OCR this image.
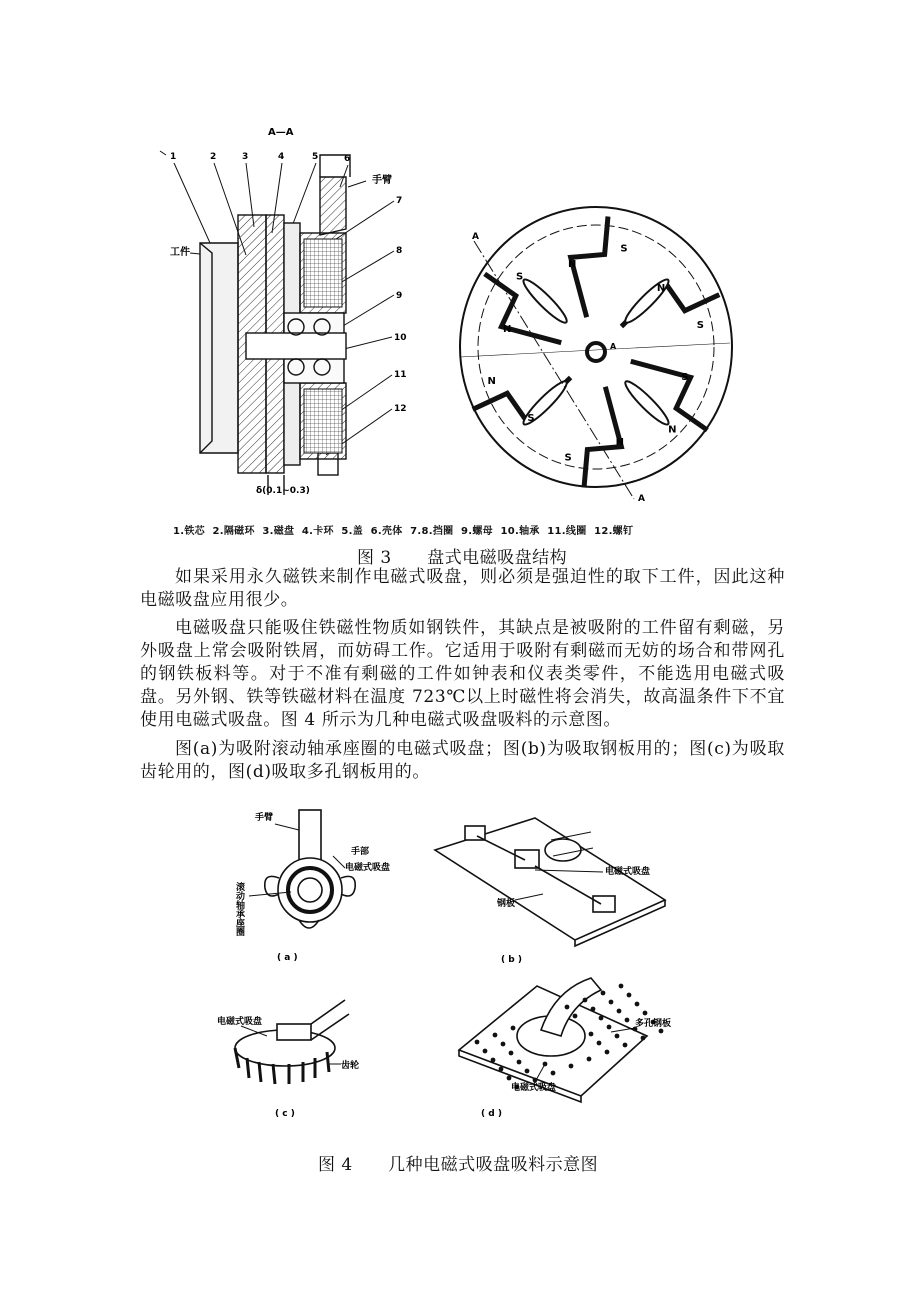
A—A
1	2	3	4	5	6
7
8
9
10
11
12
手臂
工件
δ(0.1~0.3)
N
S
N
S
S
N
N
S
S
N
N
S
A
A
A
1.铁芯  2.隔磁环  3.磁盘  4.卡环  5.盖  6.壳体  7.8.挡圈  9.螺母  10.轴承  11.线圈  12.螺钉
图 3      盘式电磁吸盘结构
如果采用永久磁铁来制作电磁式吸盘，则必须是强迫性的取下工件，因此这种电磁吸盘应用很少。
电磁吸盘只能吸住铁磁性物质如钢铁件，其缺点是被吸附的工件留有剩磁，另外吸盘上常会吸附铁屑，而妨碍工作。它适用于吸附有剩磁而无妨的场合和带网孔的钢铁板料等。对于不准有剩磁的工件如钟表和仪表类零件，不能选用电磁式吸盘。另外钢、铁等铁磁材料在温度 723℃以上时磁性将会消失，故高温条件下不宜使用电磁式吸盘。图 4 所示为几种电磁式吸盘吸料的示意图。
图(a)为吸附滚动轴承座圈的电磁式吸盘；图(b)为吸取钢板用的；图(c)为吸取齿轮用的，图(d)吸取多孔钢板用的。
手臂
手部
电磁式吸盘
滚动轴承座圈
( a )
电磁式吸盘
钢板
( b )
电磁式吸盘
齿轮
( c )
多孔钢板
电磁式吸盘
( d )
图 4      几种电磁式吸盘吸料示意图
